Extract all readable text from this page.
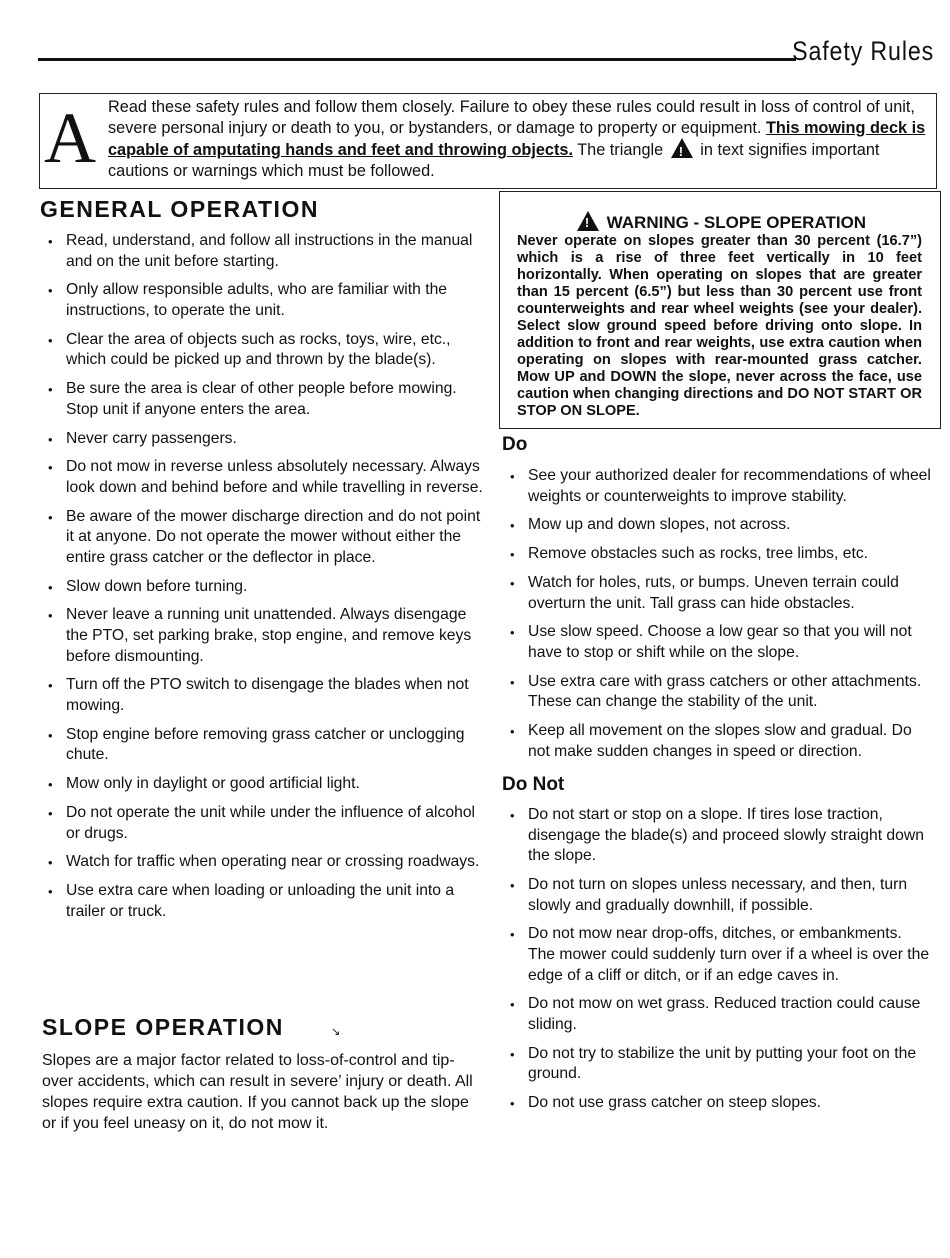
Safety Rules
A Read these safety rules and follow them closely. Failure to obey these rules could result in loss of control of unit, severe personal injury or death to you, or bystanders, or damage to property or equipment. This mowing deck is capable of amputating hands and feet and throwing objects. The triangle ! in text signifies important cautions or warnings which must be followed.
GENERAL OPERATION
• Read, understand, and follow all instructions in the manual and on the unit before starting.
• Only allow responsible adults, who are familiar with the instructions, to operate the unit.
• Clear the area of objects such as rocks, toys, wire, etc., which could be picked up and thrown by the blade(s).
• Be sure the area is clear of other people before mowing. Stop unit if anyone enters the area.
• Never carry passengers.
• Do not mow in reverse unless absolutely necessary. Always look down and behind before and while travelling in reverse.
• Be aware of the mower discharge direction and do not point it at anyone. Do not operate the mower without either the entire grass catcher or the deflector in place.
• Slow down before turning.
• Never leave a running unit unattended. Always disengage the PTO, set parking brake, stop engine, and remove keys before dismounting.
• Turn off the PTO switch to disengage the blades when not mowing.
• Stop engine before removing grass catcher or unclogging chute.
• Mow only in daylight or good artificial light.
• Do not operate the unit while under the influence of alcohol or drugs.
• Watch for traffic when operating near or crossing roadways.
• Use extra care when loading or unloading the unit into a trailer or truck.
SLOPE OPERATION	↘
Slopes are a major factor related to loss-of-control and tip-over accidents, which can result in severe’ injury or death. All slopes require extra caution. If you cannot back up the slope or if you feel uneasy on it, do not mow it.
! WARNING - SLOPE OPERATION
Never operate on slopes greater than 30 percent (16.7”) which is a rise of three feet vertically in 10 feet horizontally. When operating on slopes that are greater than 15 percent (6.5”) but less than 30 percent use front counterweights and rear wheel weights (see your dealer). Select slow ground speed before driving onto slope. In addition to front and rear weights, use extra caution when operating on slopes with rear-mounted grass catcher. Mow UP and DOWN the slope, never across the face, use caution when changing directions and DO NOT START OR STOP ON SLOPE.
Do
• See your authorized dealer for recommendations of wheel weights or counterweights to improve stability.
• Mow up and down slopes, not across.
• Remove obstacles such as rocks, tree limbs, etc.
• Watch for holes, ruts, or bumps. Uneven terrain could overturn the unit. Tall grass can hide obstacles.
• Use slow speed. Choose a low gear so that you will not have to stop or shift while on the slope.
• Use extra care with grass catchers or other attachments. These can change the stability of the unit.
• Keep all movement on the slopes slow and gradual. Do not make sudden changes in speed or direction.
Do Not
• Do not start or stop on a slope. If tires lose traction, disengage the blade(s) and proceed slowly straight down the slope.
• Do not turn on slopes unless necessary, and then, turn slowly and gradually downhill, if possible.
• Do not mow near drop-offs, ditches, or embankments. The mower could suddenly turn over if a wheel is over the edge of a cliff or ditch, or if an edge caves in.
• Do not mow on wet grass. Reduced traction could cause sliding.
• Do not try to stabilize the unit by putting your foot on the ground.
• Do not use grass catcher on steep slopes.
